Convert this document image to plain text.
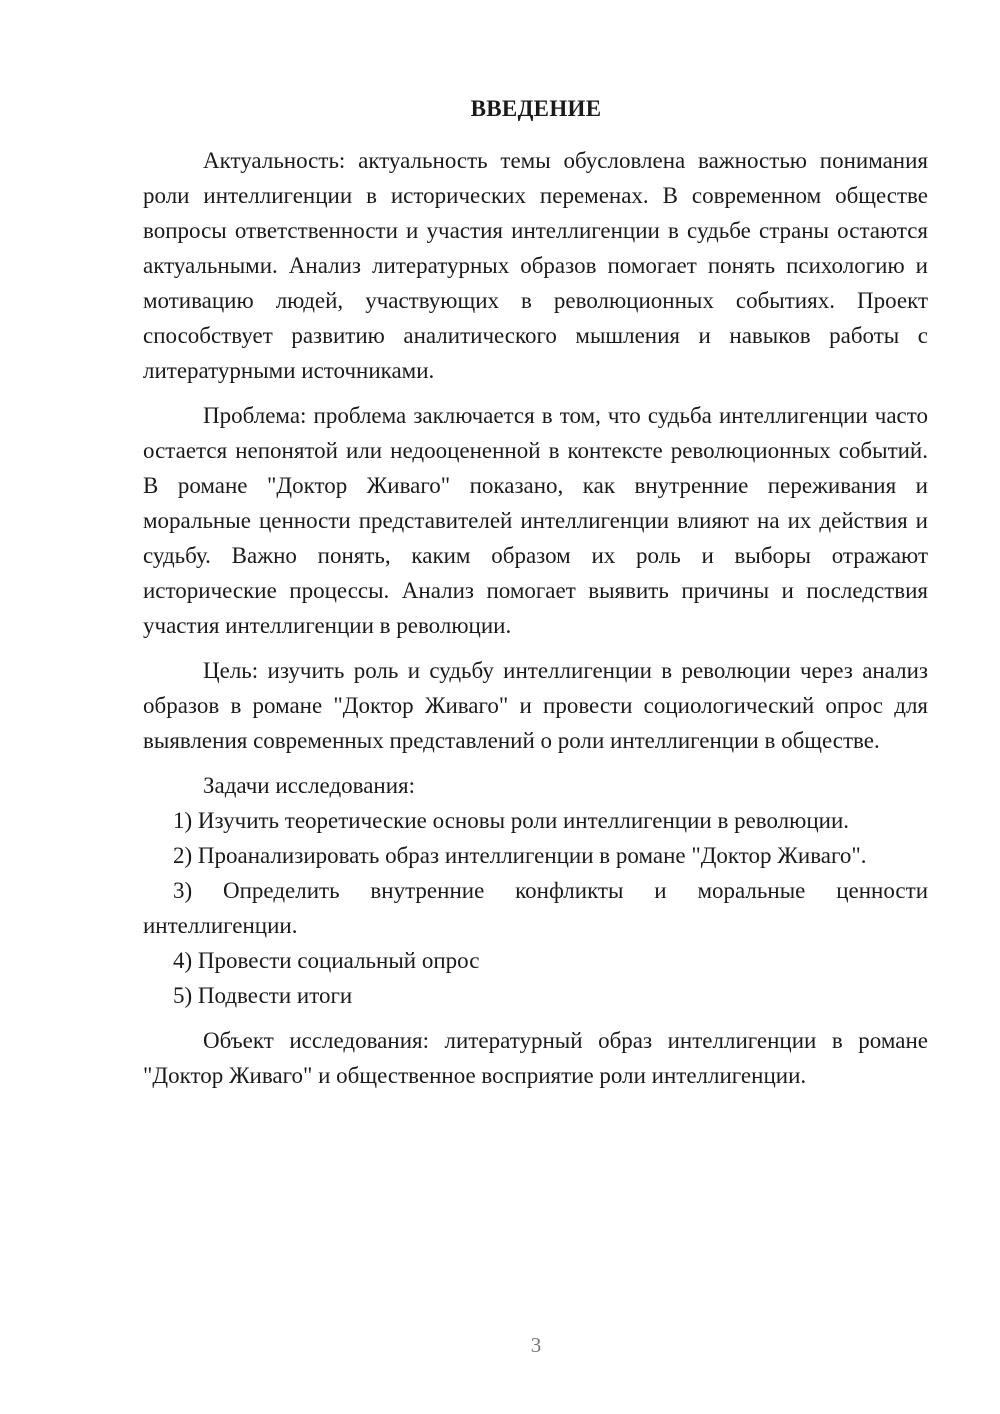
ВВЕДЕНИЕ

Актуальность: актуальность темы обусловлена важностью понимания роли интеллигенции в исторических переменах. В современном обществе вопросы ответственности и участия интеллигенции в судьбе страны остаются актуальными. Анализ литературных образов помогает понять психологию и мотивацию людей, участвующих в революционных событиях. Проект способствует развитию аналитического мышления и навыков работы с литературными источниками.

Проблема: проблема заключается в том, что судьба интеллигенции часто остается непонятой или недооцененной в контексте революционных событий. В романе "Доктор Живаго" показано, как внутренние переживания и моральные ценности представителей интеллигенции влияют на их действия и судьбу. Важно понять, каким образом их роль и выборы отражают исторические процессы. Анализ помогает выявить причины и последствия участия интеллигенции в революции.

Цель: изучить роль и судьбу интеллигенции в революции через анализ образов в романе "Доктор Живаго" и провести социологический опрос для выявления современных представлений о роли интеллигенции в обществе.

Задачи исследования:

1) Изучить теоретические основы роли интеллигенции в революции.

2) Проанализировать образ интеллигенции в романе "Доктор Живаго".

3) Определить внутренние конфликты и моральные ценности интеллигенции.

4) Провести социальный опрос

5) Подвести итоги

Объект исследования: литературный образ интеллигенции в романе "Доктор Живаго" и общественное восприятие роли интеллигенции.

3
